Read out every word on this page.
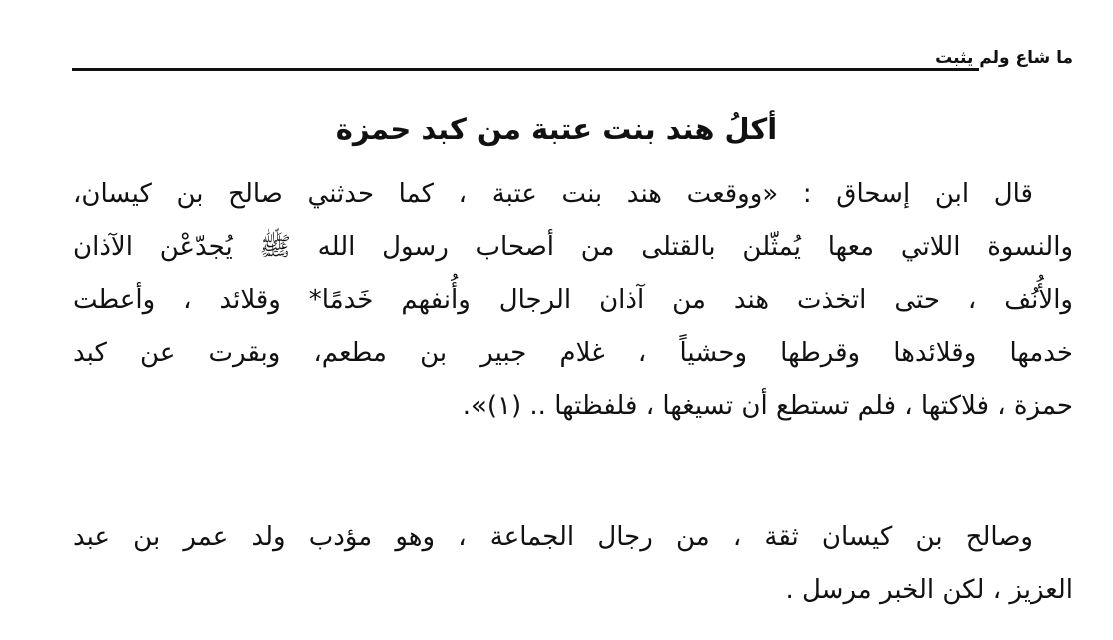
ما شاع ولم يثبت
أكلُ هند بنت عتبة من كبد حمزة
قال ابن إسحاق : «ووقعت هند بنت عتبة ، كما حدثني صالح بن كيسان،
والنسوة اللاتي معها يُمثّلن بالقتلى من أصحاب رسول الله ﷺ يُجدّعْن الآذان
والأُنُف ، حتى اتخذت هند من آذان الرجال وأُنفهم خَدمًا* وقلائد ، وأعطت
خدمها وقلائدها وقرطها وحشياً ، غلام جبير بن مطعم، وبقرت عن كبد
حمزة ، فلاكتها ، فلم تستطع أن تسيغها ، فلفظتها .. (١)».
وصالح بن كيسان ثقة ، من رجال الجماعة ، وهو مؤدب ولد عمر بن عبد
العزيز ، لكن الخبر مرسل .
